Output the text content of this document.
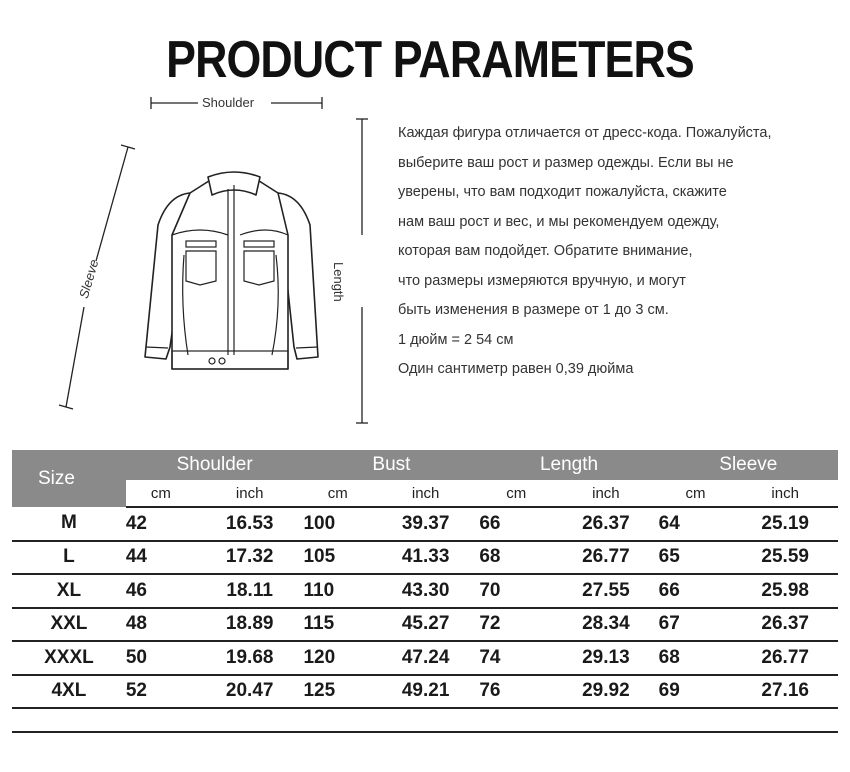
PRODUCT PARAMETERS
Shoulder
Length
Sleeve
Каждая фигура отличается от дресс-кода. Пожалуйста,
выберите ваш рост и размер одежды. Если вы не
уверены, что вам подходит пожалуйста, скажите
нам ваш рост и вес, и мы рекомендуем одежду,
которая вам подойдет. Обратите внимание,
что размеры измеряются вручную, и могут
быть изменения в размере от 1 до 3 см.
1 дюйм = 2 54 см
Один сантиметр равен 0,39 дюйма
Size	Shoulder		Bust		Length		Sleeve	
	cm	inch	cm	inch	cm	inch	cm	inch
M	42	16.53	100	39.37	66	26.37	64	25.19
L	44	17.32	105	41.33	68	26.77	65	25.59
XL	46	18.11	110	43.30	70	27.55	66	25.98
XXL	48	18.89	115	45.27	72	28.34	67	26.37
XXXL	50	19.68	120	47.24	74	29.13	68	26.77
4XL	52	20.47	125	49.21	76	29.92	69	27.16
